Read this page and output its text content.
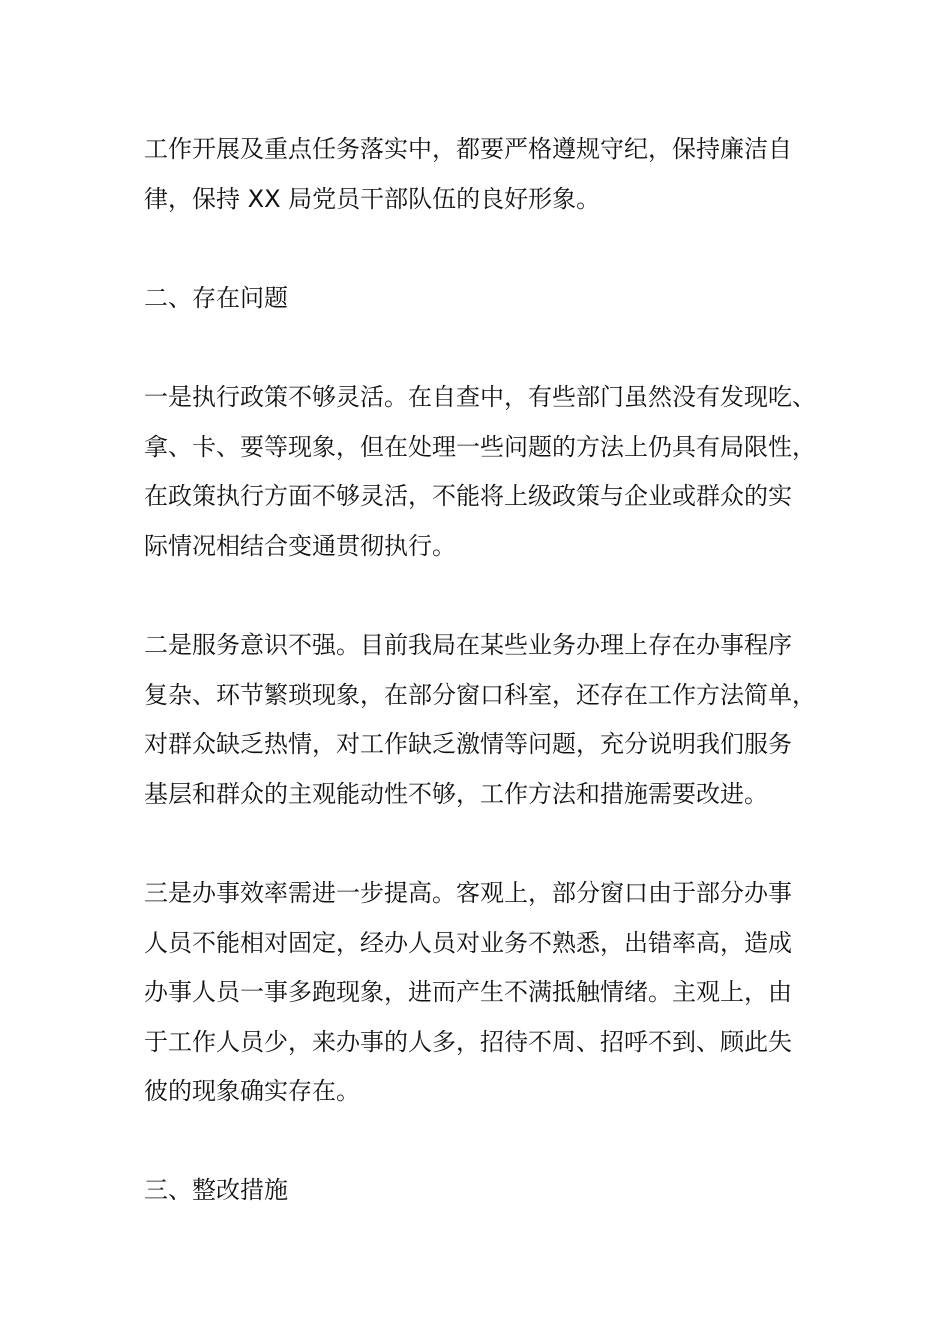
工作开展及重点任务落实中，都要严格遵规守纪，保持廉洁自
律，保持 XX 局党员干部队伍的良好形象。
二、存在问题
一是执行政策不够灵活。在自查中，有些部门虽然没有发现吃、
拿、卡、要等现象，但在处理一些问题的方法上仍具有局限性，
在政策执行方面不够灵活，不能将上级政策与企业或群众的实
际情况相结合变通贯彻执行。
二是服务意识不强。目前我局在某些业务办理上存在办事程序
复杂、环节繁琐现象，在部分窗口科室，还存在工作方法简单，
对群众缺乏热情，对工作缺乏激情等问题，充分说明我们服务
基层和群众的主观能动性不够，工作方法和措施需要改进。
三是办事效率需进一步提高。客观上，部分窗口由于部分办事
人员不能相对固定，经办人员对业务不熟悉，出错率高，造成
办事人员一事多跑现象，进而产生不满抵触情绪。主观上，由
于工作人员少，来办事的人多，招待不周、招呼不到、顾此失
彼的现象确实存在。
三、整改措施
